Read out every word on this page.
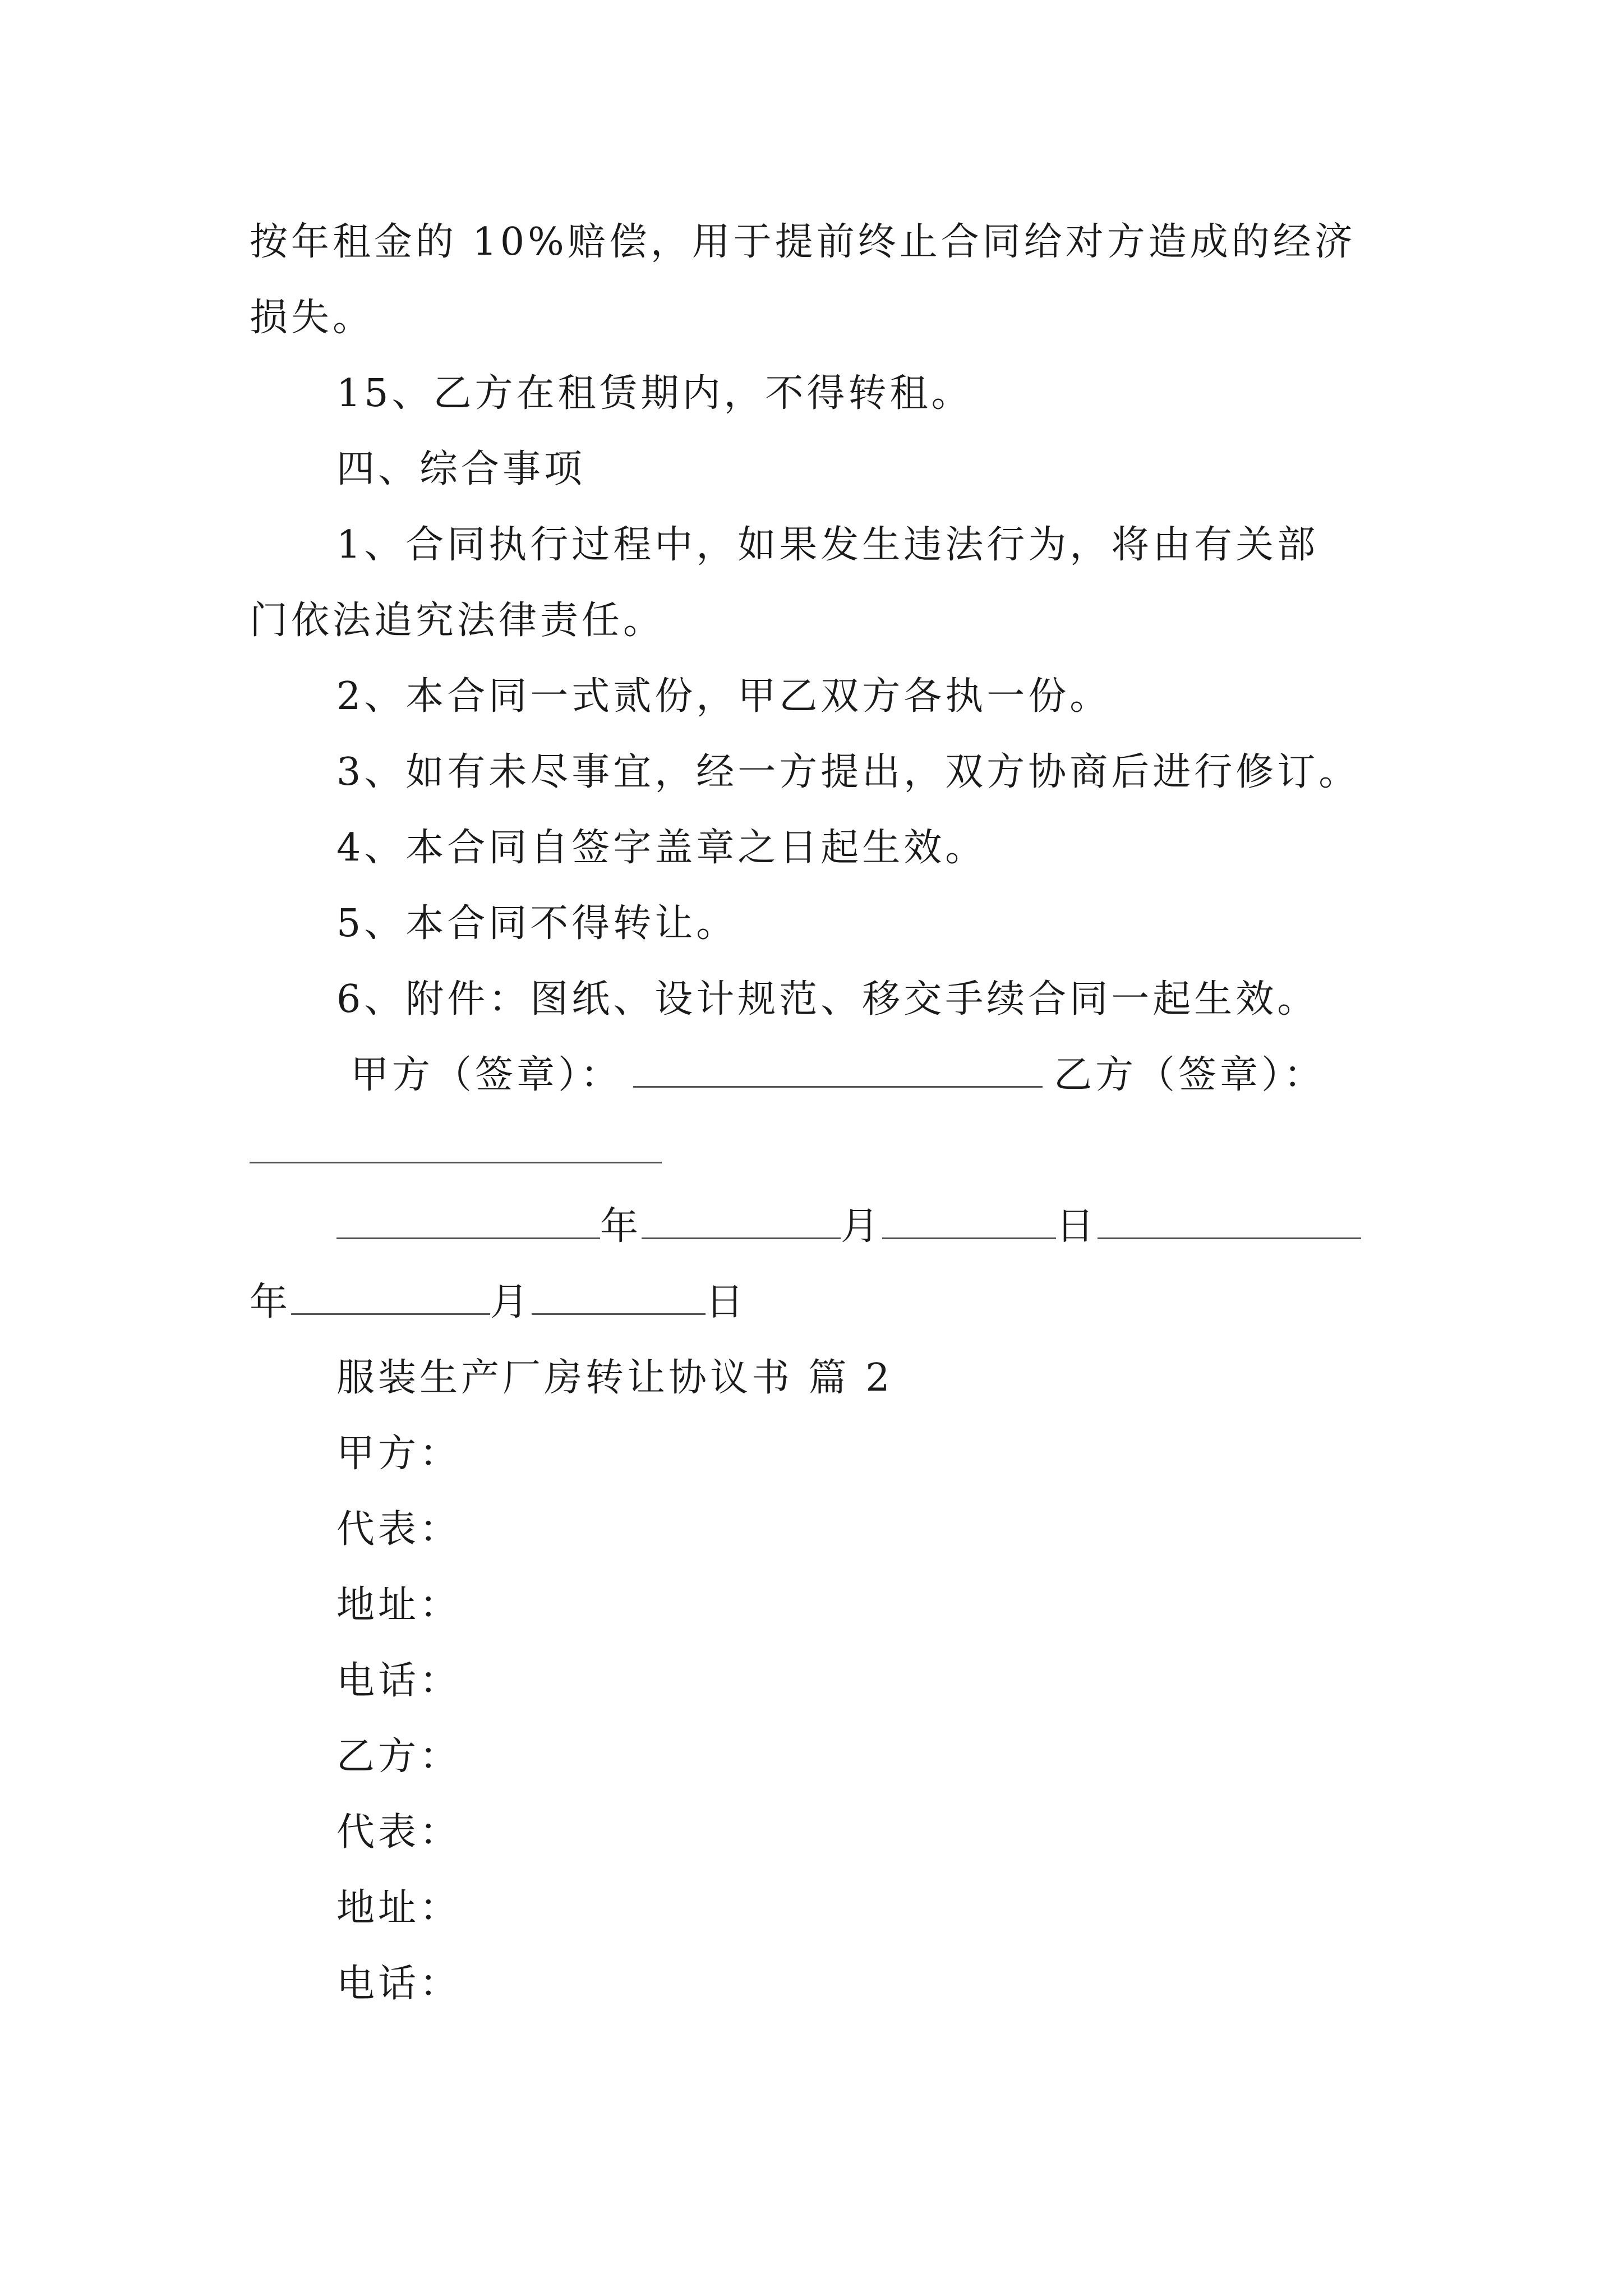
按年租金的 10%赔偿，用于提前终止合同给对方造成的经济
损失。
15、乙方在租赁期内，不得转租。
四、综合事项
1、合同执行过程中，如果发生违法行为，将由有关部
门依法追究法律责任。
2、本合同一式贰份，甲乙双方各执一份。
3、如有未尽事宜，经一方提出，双方协商后进行修订。
4、本合同自签字盖章之日起生效。
5、本合同不得转让。
6、附件：图纸、设计规范、移交手续合同一起生效。
甲方（签章）：	乙方（签章）：
年	月	日
年	月	日
服装生产厂房转让协议书 篇 2
甲方：
代表：
地址：
电话：
乙方：
代表：
地址：
电话：
